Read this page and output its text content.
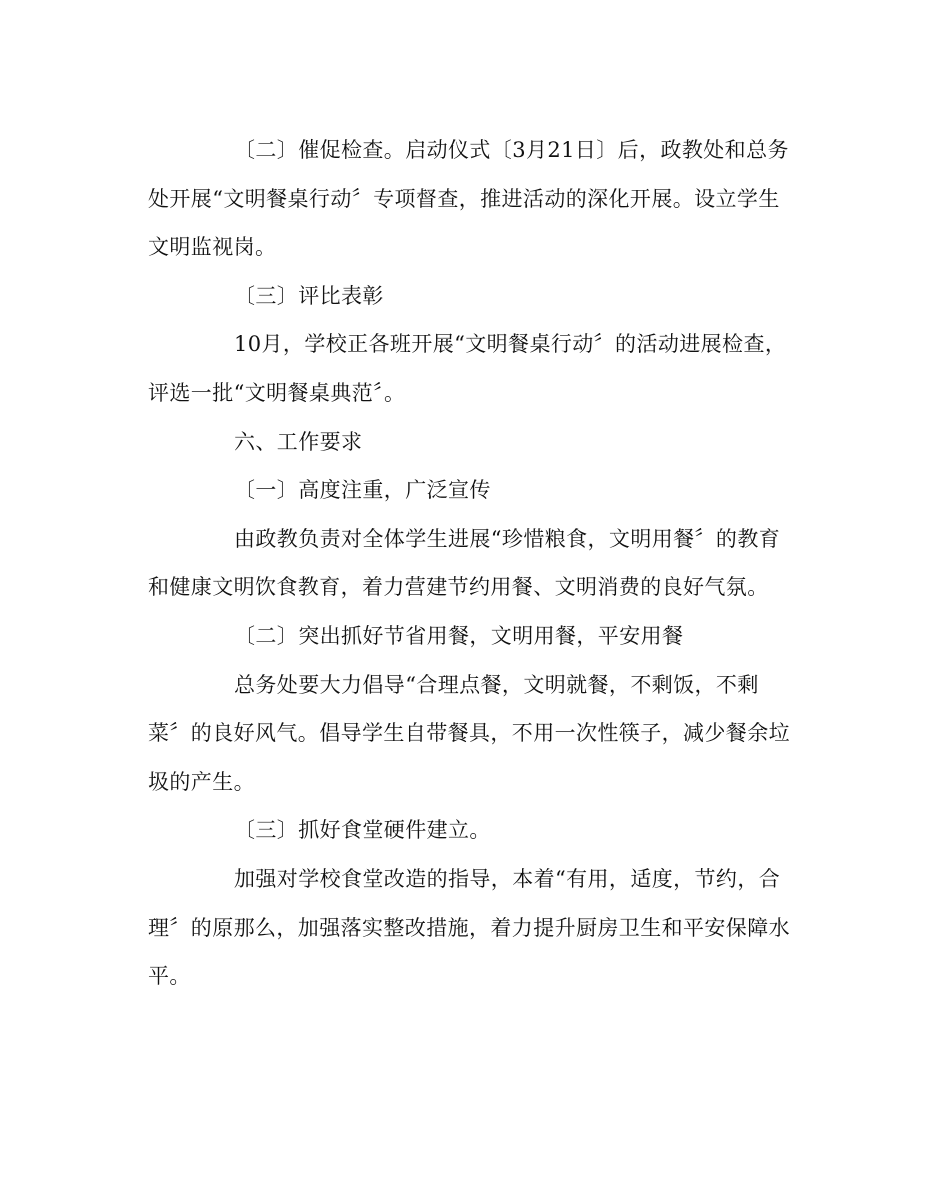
〔二〕催促检查。启动仪式〔3月21日〕后，政教处和总务
处开展“文明餐桌行动〞专项督查，推进活动的深化开展。设立学生
文明监视岗。
〔三〕评比表彰
10月，学校正各班开展“文明餐桌行动〞的活动进展检查，
评选一批“文明餐桌典范〞。
六、工作要求
〔一〕高度注重，广泛宣传
由政教负责对全体学生进展“珍惜粮食，文明用餐〞的教育
和健康文明饮食教育，着力营建节约用餐、文明消费的良好气氛。
〔二〕突出抓好节省用餐，文明用餐，平安用餐
总务处要大力倡导“合理点餐，文明就餐，不剩饭，不剩
菜〞的良好风气。倡导学生自带餐具，不用一次性筷子，减少餐余垃
圾的产生。
〔三〕抓好食堂硬件建立。
加强对学校食堂改造的指导，本着“有用，适度，节约，合
理〞的原那么，加强落实整改措施，着力提升厨房卫生和平安保障水
平。
